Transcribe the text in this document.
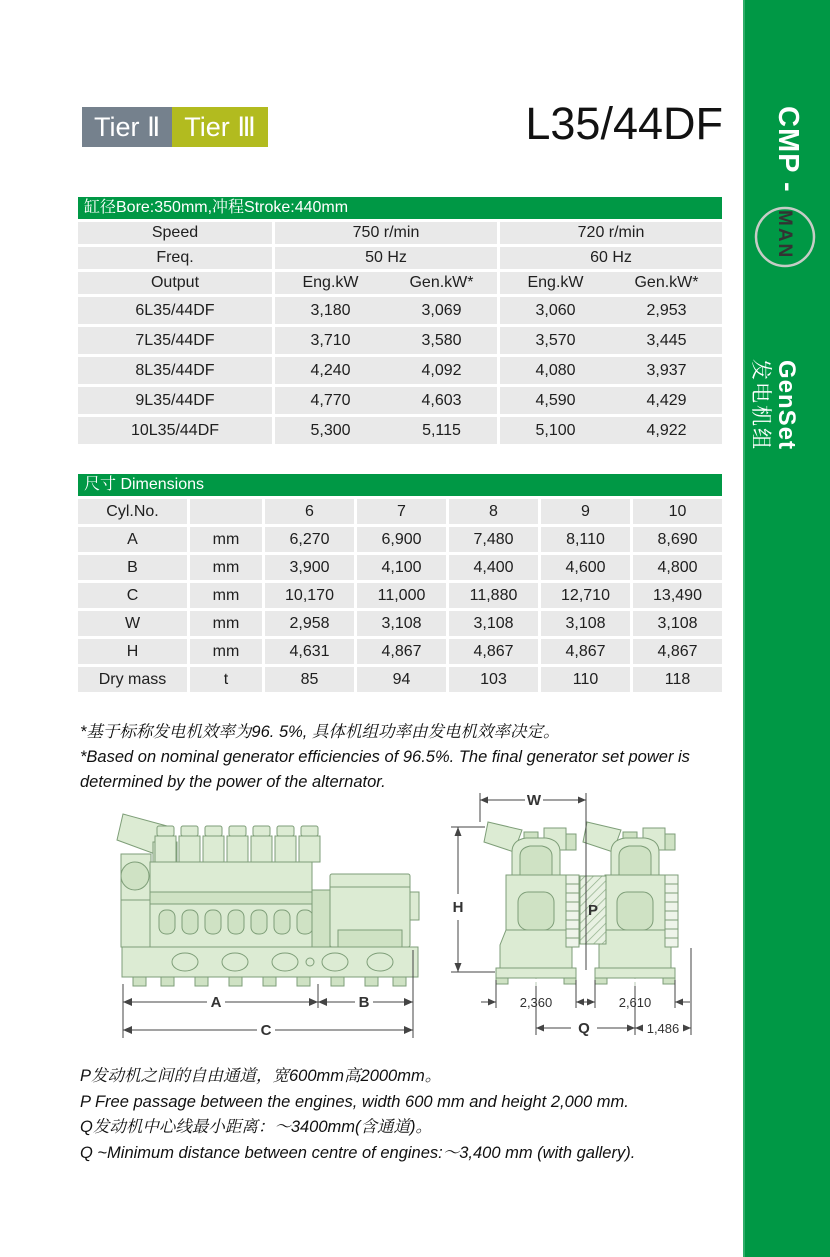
CMP -
MAN
GenSet
发电机组
Tier Ⅱ Tier Ⅲ	L35/44DF
缸径Bore:350mm,冲程Stroke:440mm
Speed	750 r/min	720 r/min
Freq.	50 Hz	60 Hz
Output	Eng.kW	Gen.kW*	Eng.kW	Gen.kW*
6L35/44DF	3,180	3,069	3,060	2,953
7L35/44DF	3,710	3,580	3,570	3,445
8L35/44DF	4,240	4,092	4,080	3,937
9L35/44DF	4,770	4,603	4,590	4,429
10L35/44DF	5,300	5,115	5,100	4,922
尺寸 Dimensions
Cyl.No.	6	7	8	9	10
A	mm	6,270	6,900	7,480	8,110	8,690
B	mm	3,900	4,100	4,400	4,600	4,800
C	mm	10,170	11,000	11,880	12,710	13,490
W	mm	2,958	3,108	3,108	3,108	3,108
H	mm	4,631	4,867	4,867	4,867	4,867
Dry mass	t	85	94	103	110	118
*基于标称发电机效率为96. 5%, 具体机组功率由发电机效率决定。
*Based on nominal generator efficiencies of 96.5%. The final generator set power is determined by the power of the alternator.
A	B
C
P
W
H
2,360	2,610
Q	1,486
P发动机之间的自由通道，宽600mm高2000mm。
P Free passage between the engines, width 600 mm and height 2,000 mm.
Q发动机中心线最小距离：～3400mm(含通道)。
Q ~Minimum distance between centre of engines:～3,400 mm (with gallery).
